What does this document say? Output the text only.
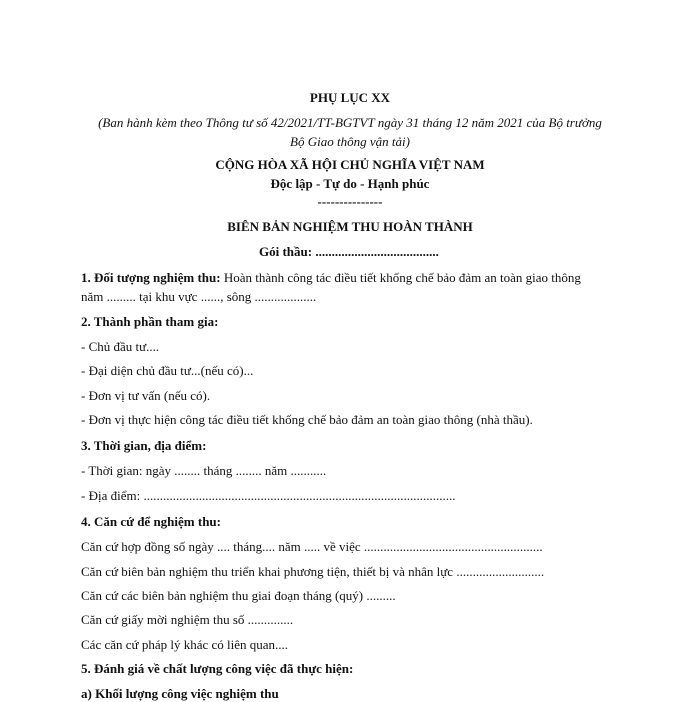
PHỤ LỤC XX
(Ban hành kèm theo Thông tư số 42/2021/TT-BGTVT ngày 31 tháng 12 năm 2021 của Bộ trưởng
Bộ Giao thông vận tải)
CỘNG HÒA XÃ HỘI CHỦ NGHĨA VIỆT NAM
Độc lập - Tự do - Hạnh phúc
---------------
BIÊN BẢN NGHIỆM THU HOÀN THÀNH
Gói thầu: ......................................
1. Đối tượng nghiệm thu: Hoàn thành công tác điều tiết khống chế bảo đảm an toàn giao thông
năm ......... tại khu vực ......, sông ...................
2. Thành phần tham gia:
- Chủ đầu tư....
- Đại diện chủ đầu tư...(nếu có)...
- Đơn vị tư vấn (nếu có).
- Đơn vị thực hiện công tác điều tiết khống chế bảo đảm an toàn giao thông (nhà thầu).
3. Thời gian, địa điểm:
- Thời gian: ngày ........ tháng ........ năm ...........
- Địa điểm: ................................................................................................
4. Căn cứ để nghiệm thu:
Căn cứ hợp đồng số ngày .... tháng.... năm ..... về việc .......................................................
Căn cứ biên bản nghiệm thu triển khai phương tiện, thiết bị và nhân lực ...........................
Căn cứ các biên bản nghiệm thu giai đoạn tháng (quý) .........
Căn cứ giấy mời nghiệm thu số ..............
Các căn cứ pháp lý khác có liên quan....
5. Đánh giá về chất lượng công việc đã thực hiện:
a) Khối lượng công việc nghiệm thu
